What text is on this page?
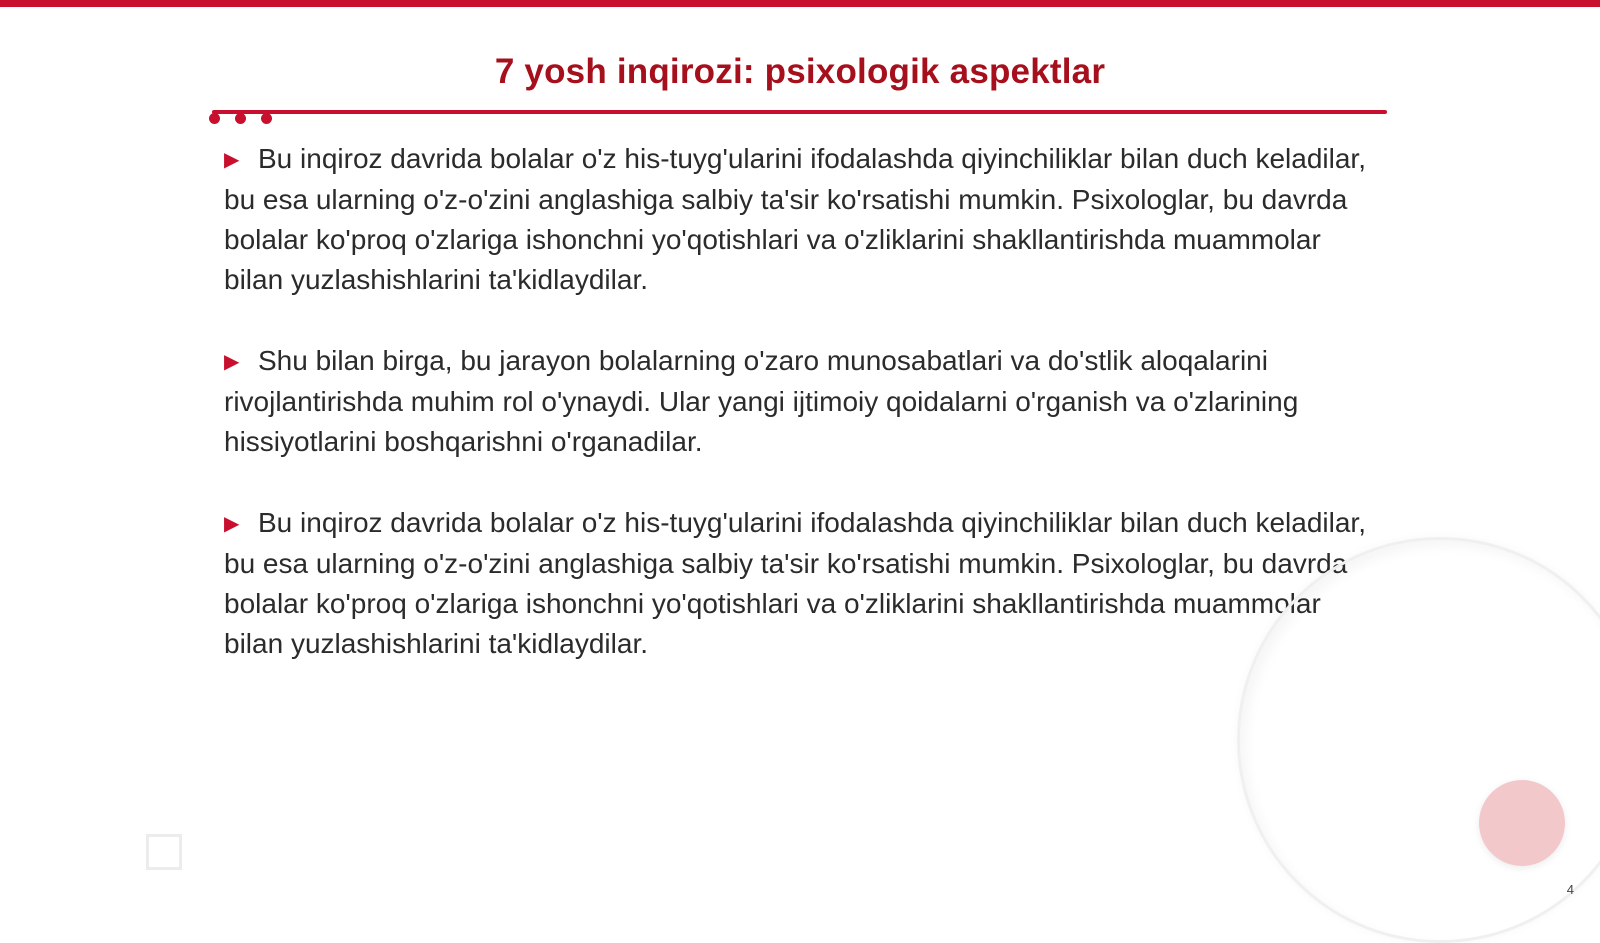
7 yosh inqirozi: psixologik aspektlar

▶ Bu inqiroz davrida bolalar o'z his-tuyg'ularini ifodalashda qiyinchiliklar bilan duch keladilar, bu esa ularning o'z-o'zini anglashiga salbiy ta'sir ko'rsatishi mumkin. Psixologlar, bu davrda bolalar ko'proq o'zlariga ishonchni yo'qotishlari va o'zliklarini shakllantirishda muammolar bilan yuzlashishlarini ta'kidlaydilar.

▶ Shu bilan birga, bu jarayon bolalarning o'zaro munosabatlari va do'stlik aloqalarini rivojlantirishda muhim rol o'ynaydi. Ular yangi ijtimoiy qoidalarni o'rganish va o'zlarining hissiyotlarini boshqarishni o'rganadilar.

▶ Bu inqiroz davrida bolalar o'z his-tuyg'ularini ifodalashda qiyinchiliklar bilan duch keladilar, bu esa ularning o'z-o'zini anglashiga salbiy ta'sir ko'rsatishi mumkin. Psixologlar, bu davrda bolalar ko'proq o'zlariga ishonchni yo'qotishlari va o'zliklarini shakllantirishda muammolar bilan yuzlashishlarini ta'kidlaydilar.

4
